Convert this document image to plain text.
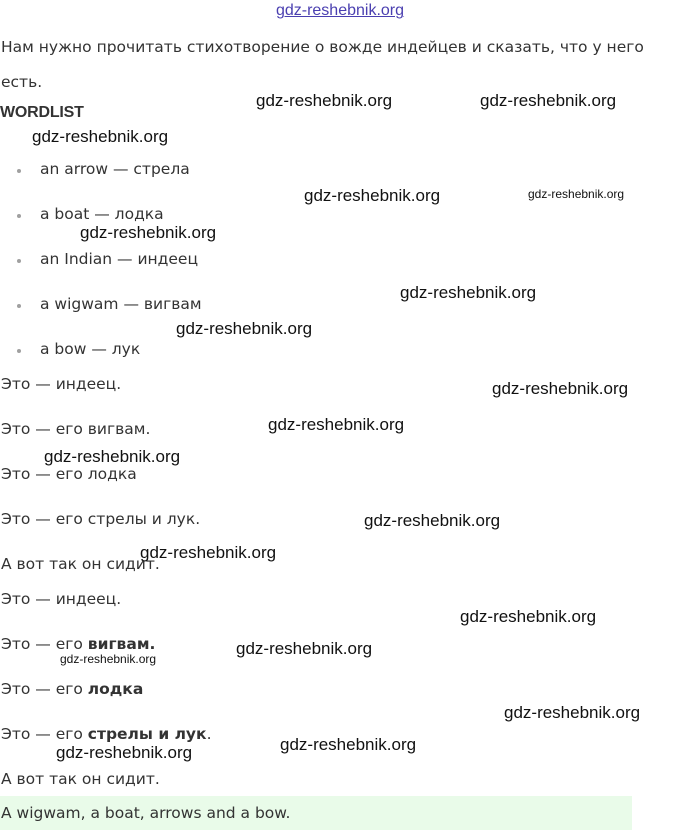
gdz-reshebnik.org
Нам нужно прочитать стихотворение о вожде индейцев и сказать, что у него есть.
WORDLIST
an arrow — стрела
a boat — лодка
an Indian — индеец
a wigwam — вигвам
a bow — лук
Это — индеец.
Это — его вигвам.
Это — его лодка
Это — его стрелы и лук.
А вот так он сидит.
Это — индеец.
Это — его вигвам.
Это — его лодка
Это — его стрелы и лук.
А вот так он сидит.
A wigwam, a boat, arrows and a bow.
gdz-reshebnik.org	gdz-reshebnik.org
gdz-reshebnik.org
gdz-reshebnik.org	gdz-reshebnik.org
gdz-reshebnik.org
gdz-reshebnik.org
gdz-reshebnik.org
gdz-reshebnik.org
gdz-reshebnik.org
gdz-reshebnik.org
gdz-reshebnik.org
gdz-reshebnik.org
gdz-reshebnik.org
gdz-reshebnik.org
gdz-reshebnik.org
gdz-reshebnik.org
gdz-reshebnik.org
gdz-reshebnik.org
